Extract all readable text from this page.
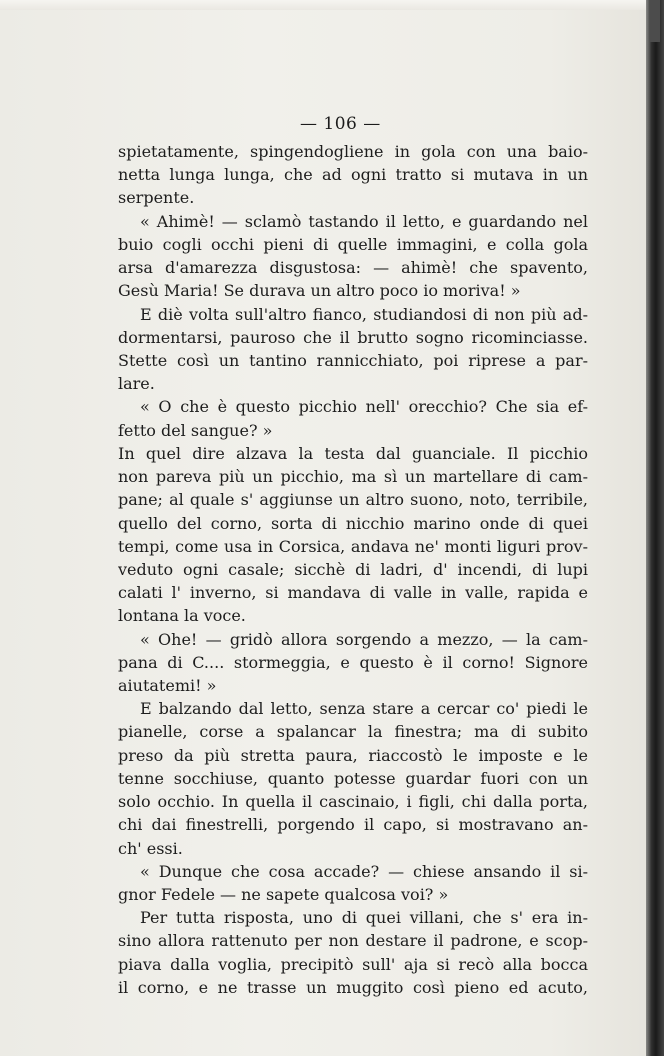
— 106 —
spietatamente, spingendogliene in gola con una baio-
netta lunga lunga, che ad ogni tratto si mutava in un
serpente.
« Ahimè! — sclamò tastando il letto, e guardando nel
buio cogli occhi pieni di quelle immagini, e colla gola
arsa d'amarezza disgustosa: — ahimè! che spavento,
Gesù Maria! Se durava un altro poco io moriva! »
E diè volta sull'altro fianco, studiandosi di non più ad-
dormentarsi, pauroso che il brutto sogno ricominciasse.
Stette così un tantino rannicchiato, poi riprese a par-
lare.
« O che è questo picchio nell' orecchio? Che sia ef-
fetto del sangue? »
In quel dire alzava la testa dal guanciale. Il picchio
non pareva più un picchio, ma sì un martellare di cam-
pane; al quale s' aggiunse un altro suono, noto, terribile,
quello del corno, sorta di nicchio marino onde di quei
tempi, come usa in Corsica, andava ne' monti liguri prov-
veduto ogni casale; sicchè di ladri, d' incendi, di lupi
calati l' inverno, si mandava di valle in valle, rapida e
lontana la voce.
« Ohe! — gridò allora sorgendo a mezzo, — la cam-
pana di C.... stormeggia, e questo è il corno! Signore
aiutatemi! »
E balzando dal letto, senza stare a cercar co' piedi le
pianelle, corse a spalancar la finestra; ma di subito
preso da più stretta paura, riaccostò le imposte e le
tenne socchiuse, quanto potesse guardar fuori con un
solo occhio. In quella il cascinaio, i figli, chi dalla porta,
chi dai finestrelli, porgendo il capo, si mostravano an-
ch' essi.
« Dunque che cosa accade? — chiese ansando il si-
gnor Fedele — ne sapete qualcosa voi? »
Per tutta risposta, uno di quei villani, che s' era in-
sino allora rattenuto per non destare il padrone, e scop-
piava dalla voglia, precipitò sull' aja si recò alla bocca
il corno, e ne trasse un muggito così pieno ed acuto,
